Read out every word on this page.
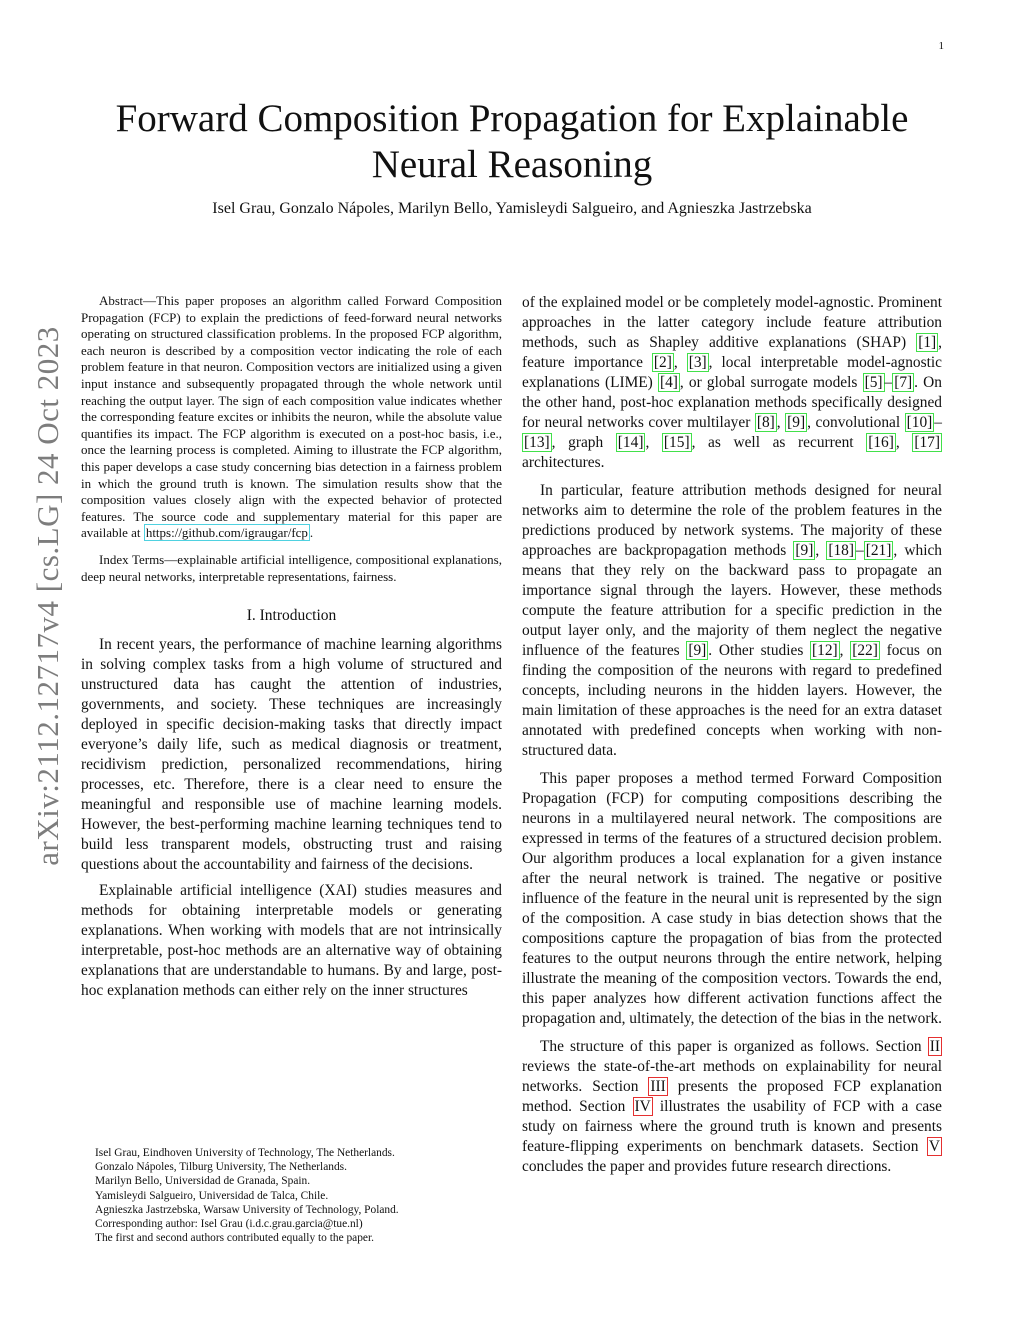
1
arXiv:2112.12717v4 [cs.LG] 24 Oct 2023
Forward Composition Propagation for Explainable Neural Reasoning
Isel Grau, Gonzalo Nápoles, Marilyn Bello, Yamisleydi Salgueiro, and Agnieszka Jastrzebska

Abstract—This paper proposes an algorithm called Forward Composition Propagation (FCP) to explain the predictions of feed-forward neural networks operating on structured classification problems. In the proposed FCP algorithm, each neuron is described by a composition vector indicating the role of each problem feature in that neuron. Composition vectors are initialized using a given input instance and subsequently propagated through the whole network until reaching the output layer. The sign of each composition value indicates whether the corresponding feature excites or inhibits the neuron, while the absolute value quantifies its impact. The FCP algorithm is executed on a post-hoc basis, i.e., once the learning process is completed. Aiming to illustrate the FCP algorithm, this paper develops a case study concerning bias detection in a fairness problem in which the ground truth is known. The simulation results show that the composition values closely align with the expected behavior of protected features. The source code and supplementary material for this paper are available at https://github.com/igraugar/fcp .

Index Terms—explainable artificial intelligence, compositional explanations, deep neural networks, interpretable representations, fairness.

I. Introduction

In recent years, the performance of machine learning algorithms in solving complex tasks from a high volume of structured and unstructured data has caught the attention of industries, governments, and society. These techniques are increasingly deployed in specific decision-making tasks that directly impact everyone’s daily life, such as medical diagnosis or treatment, recidivism prediction, personalized recommendations, hiring processes, etc. Therefore, there is a clear need to ensure the meaningful and responsible use of machine learning models. However, the best-performing machine learning techniques tend to build less transparent models, obstructing trust and raising questions about the accountability and fairness of the decisions.

Explainable artificial intelligence (XAI) studies measures and methods for obtaining interpretable models or generating explanations. When working with models that are not intrinsically interpretable, post-hoc methods are an alternative way of obtaining explanations that are understandable to humans. By and large, post-hoc explanation methods can either rely on the inner structures

Isel Grau, Eindhoven University of Technology, The Netherlands.
Gonzalo Nápoles, Tilburg University, The Netherlands.
Marilyn Bello, Universidad de Granada, Spain.
Yamisleydi Salgueiro, Universidad de Talca, Chile.
Agnieszka Jastrzebska, Warsaw University of Technology, Poland.
Corresponding author: Isel Grau (i.d.c.grau.garcia@tue.nl)
The first and second authors contributed equally to the paper.

of the explained model or be completely model-agnostic. Prominent approaches in the latter category include feature attribution methods, such as Shapley additive explanations (SHAP) [1] , feature importance [2] , [3] , local interpretable model-agnostic explanations (LIME) [4] , or global surrogate models [5] – [7] . On the other hand, post-hoc explanation methods specifically designed for neural networks cover multilayer [8] , [9] , convolutional [10] –[13] , graph [14] , [15] , as well as recurrent [16] , [17] architectures.

In particular, feature attribution methods designed for neural networks aim to determine the role of the problem features in the predictions produced by network systems. The majority of these approaches are backpropagation methods [9] , [18] – [21] , which means that they rely on the backward pass to propagate an importance signal through the layers. However, these methods compute the feature attribution for a specific prediction in the output layer only, and the majority of them neglect the negative influence of the features [9] . Other studies [12] , [22] focus on finding the composition of the neurons with regard to predefined concepts, including neurons in the hidden layers. However, the main limitation of these approaches is the need for an extra dataset annotated with predefined concepts when working with non-structured data.

This paper proposes a method termed Forward Composition Propagation (FCP) for computing compositions describing the neurons in a multilayered neural network. The compositions are expressed in terms of the features of a structured decision problem. Our algorithm produces a local explanation for a given instance after the neural network is trained. The negative or positive influence of the feature in the neural unit is represented by the sign of the composition. A case study in bias detection shows that the compositions capture the propagation of bias from the protected features to the output neurons through the entire network, helping illustrate the meaning of the composition vectors. Towards the end, this paper analyzes how different activation functions affect the propagation and, ultimately, the detection of the bias in the network.

The structure of this paper is organized as follows. Section II reviews the state-of-the-art methods on explainability for neural networks. Section III presents the proposed FCP explanation method. Section IV illustrates the usability of FCP with a case study on fairness where the ground truth is known and presents feature-flipping experiments on benchmark datasets. Section V concludes the paper and provides future research directions.
